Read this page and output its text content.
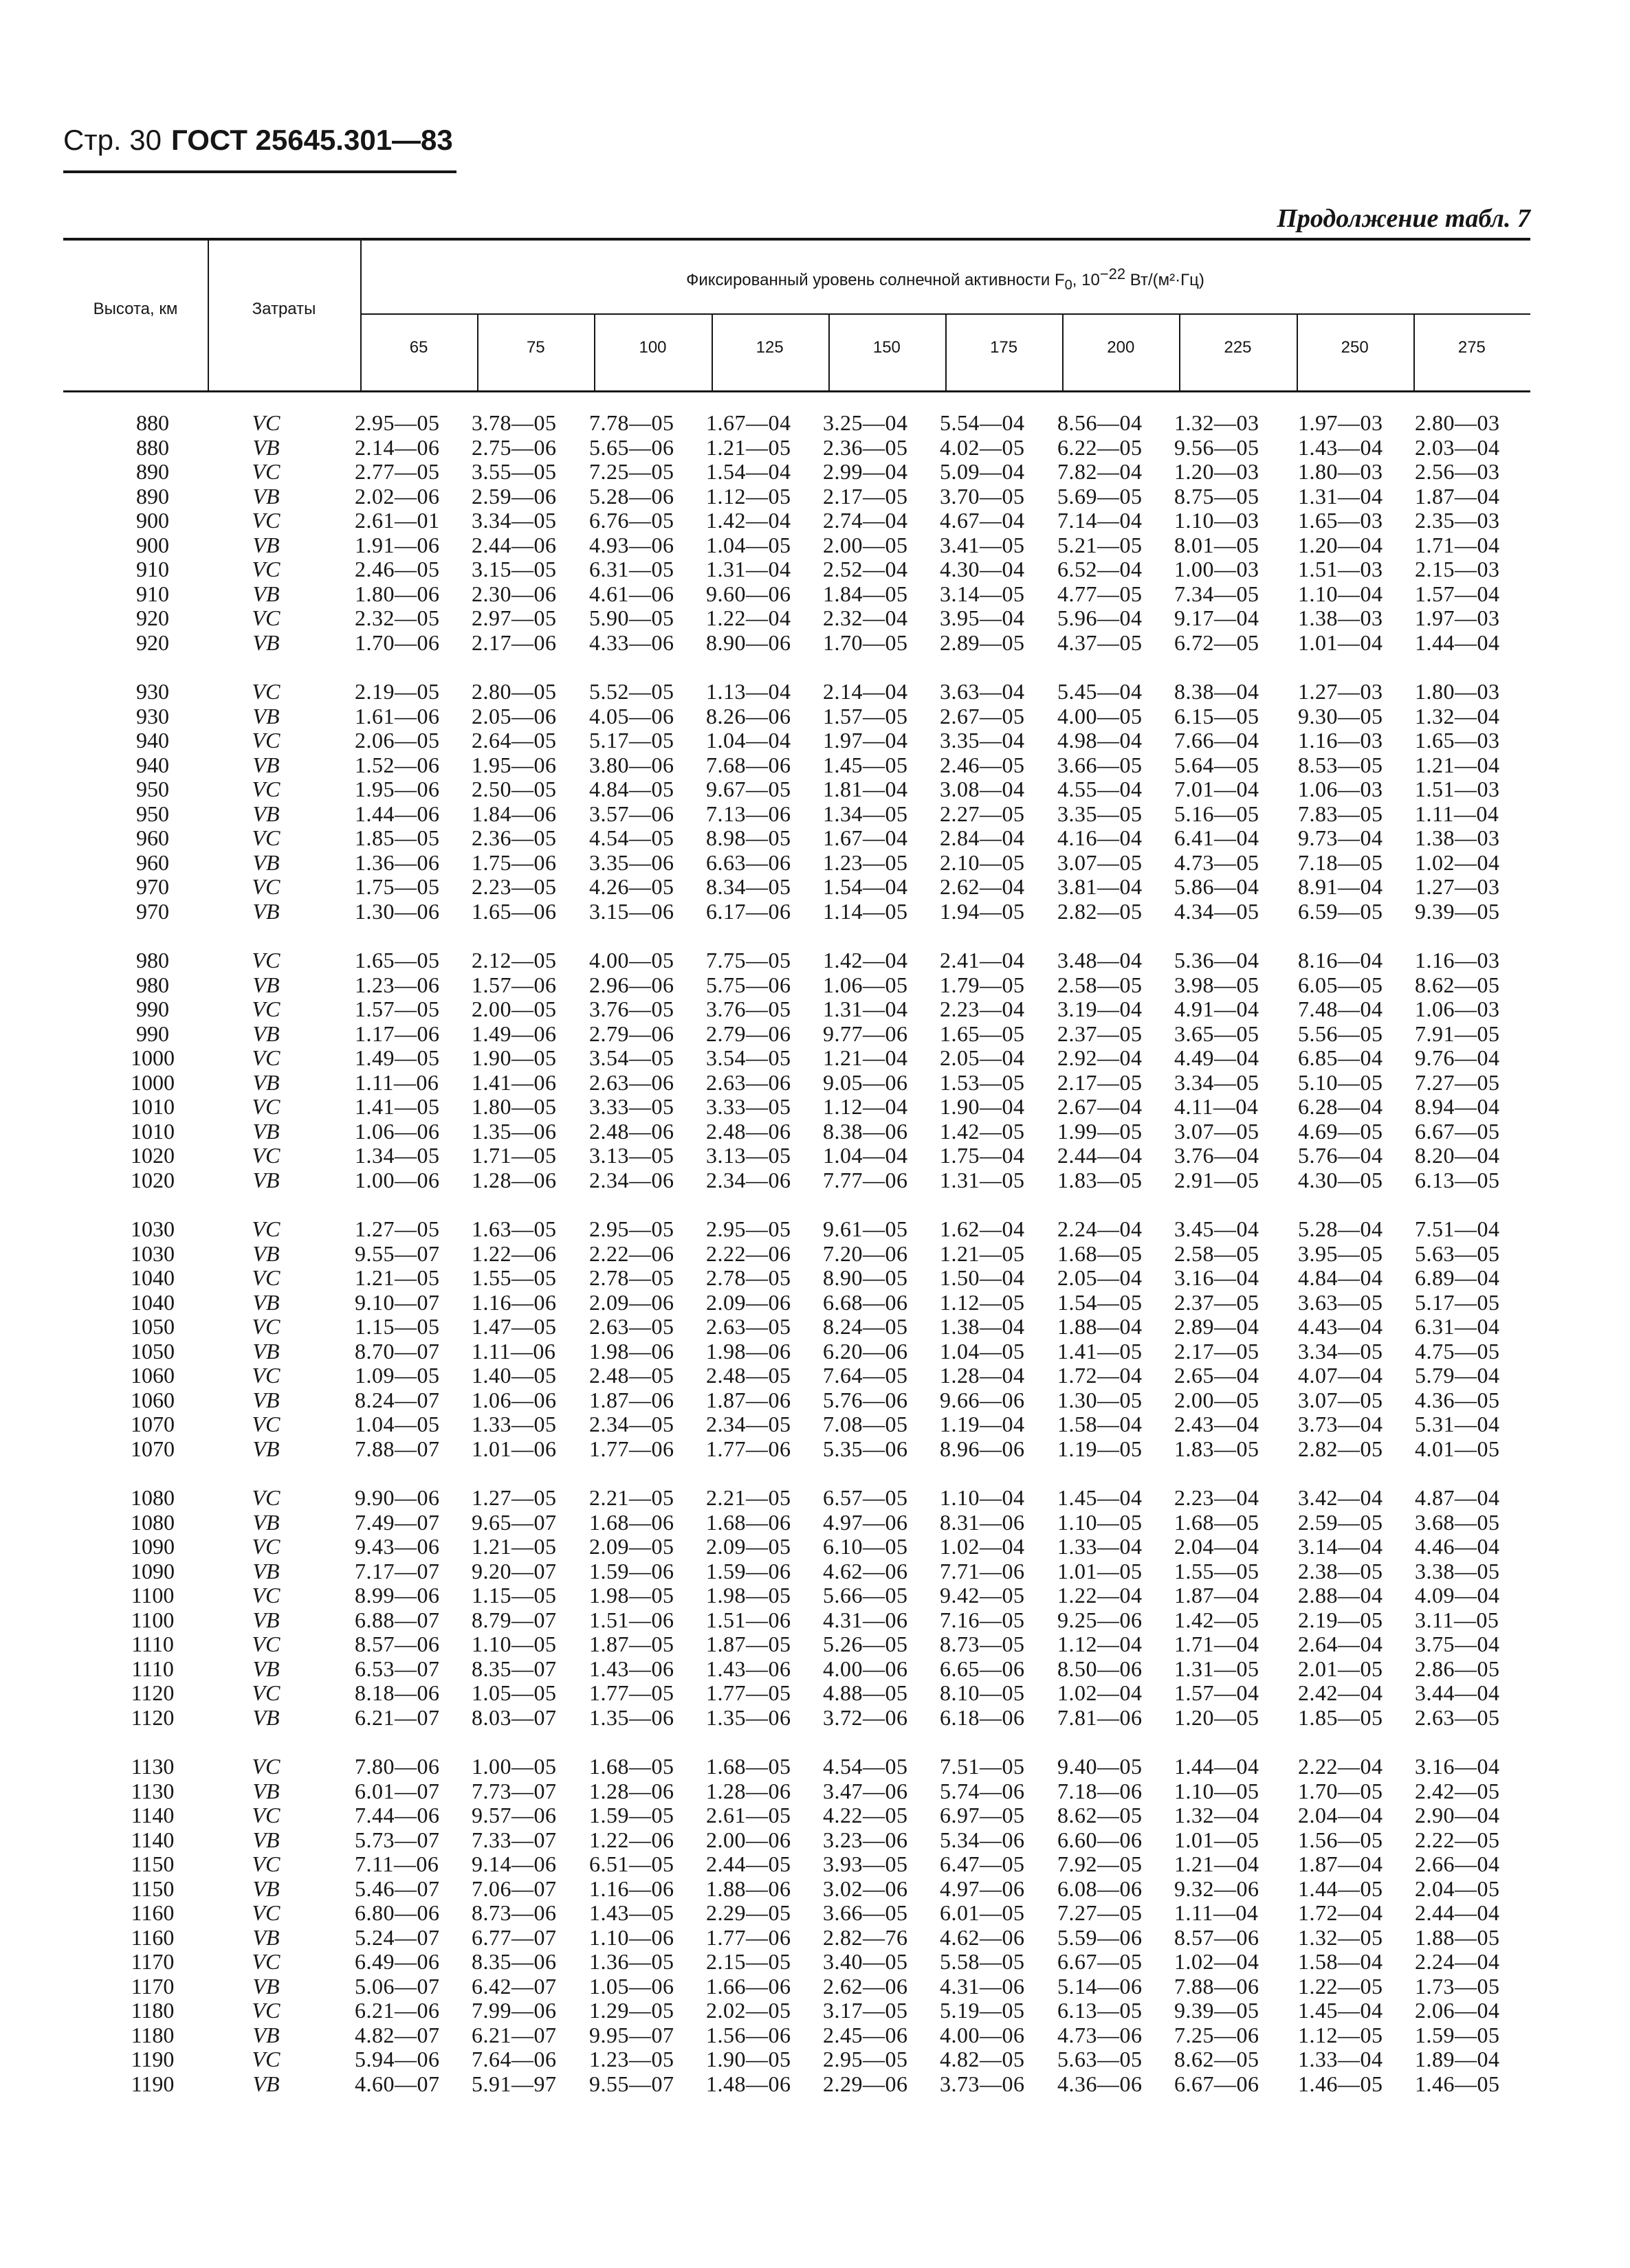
Стр. 30 ГОСТ 25645.301—83
Продолжение табл. 7
Высота, км	Затраты
Фиксированный уровень солнечной активности $F_0$, $10^{-22}$ Вт/(м²·Гц)
65	75	100	125	150	175	200	225	250	275
880	VC	2.95—05	3.78—05	7.78—05	1.67—04	3.25—04	5.54—04	8.56—04	1.32—03	1.97—03	2.80—03
880	VB	2.14—06	2.75—06	5.65—06	1.21—05	2.36—05	4.02—05	6.22—05	9.56—05	1.43—04	2.03—04
890	VC	2.77—05	3.55—05	7.25—05	1.54—04	2.99—04	5.09—04	7.82—04	1.20—03	1.80—03	2.56—03
890	VB	2.02—06	2.59—06	5.28—06	1.12—05	2.17—05	3.70—05	5.69—05	8.75—05	1.31—04	1.87—04
900	VC	2.61—01	3.34—05	6.76—05	1.42—04	2.74—04	4.67—04	7.14—04	1.10—03	1.65—03	2.35—03
900	VB	1.91—06	2.44—06	4.93—06	1.04—05	2.00—05	3.41—05	5.21—05	8.01—05	1.20—04	1.71—04
910	VC	2.46—05	3.15—05	6.31—05	1.31—04	2.52—04	4.30—04	6.52—04	1.00—03	1.51—03	2.15—03
910	VB	1.80—06	2.30—06	4.61—06	9.60—06	1.84—05	3.14—05	4.77—05	7.34—05	1.10—04	1.57—04
920	VC	2.32—05	2.97—05	5.90—05	1.22—04	2.32—04	3.95—04	5.96—04	9.17—04	1.38—03	1.97—03
920	VB	1.70—06	2.17—06	4.33—06	8.90—06	1.70—05	2.89—05	4.37—05	6.72—05	1.01—04	1.44—04
930	VC	2.19—05	2.80—05	5.52—05	1.13—04	2.14—04	3.63—04	5.45—04	8.38—04	1.27—03	1.80—03
930	VB	1.61—06	2.05—06	4.05—06	8.26—06	1.57—05	2.67—05	4.00—05	6.15—05	9.30—05	1.32—04
940	VC	2.06—05	2.64—05	5.17—05	1.04—04	1.97—04	3.35—04	4.98—04	7.66—04	1.16—03	1.65—03
940	VB	1.52—06	1.95—06	3.80—06	7.68—06	1.45—05	2.46—05	3.66—05	5.64—05	8.53—05	1.21—04
950	VC	1.95—06	2.50—05	4.84—05	9.67—05	1.81—04	3.08—04	4.55—04	7.01—04	1.06—03	1.51—03
950	VB	1.44—06	1.84—06	3.57—06	7.13—06	1.34—05	2.27—05	3.35—05	5.16—05	7.83—05	1.11—04
960	VC	1.85—05	2.36—05	4.54—05	8.98—05	1.67—04	2.84—04	4.16—04	6.41—04	9.73—04	1.38—03
960	VB	1.36—06	1.75—06	3.35—06	6.63—06	1.23—05	2.10—05	3.07—05	4.73—05	7.18—05	1.02—04
970	VC	1.75—05	2.23—05	4.26—05	8.34—05	1.54—04	2.62—04	3.81—04	5.86—04	8.91—04	1.27—03
970	VB	1.30—06	1.65—06	3.15—06	6.17—06	1.14—05	1.94—05	2.82—05	4.34—05	6.59—05	9.39—05
980	VC	1.65—05	2.12—05	4.00—05	7.75—05	1.42—04	2.41—04	3.48—04	5.36—04	8.16—04	1.16—03
980	VB	1.23—06	1.57—06	2.96—06	5.75—06	1.06—05	1.79—05	2.58—05	3.98—05	6.05—05	8.62—05
990	VC	1.57—05	2.00—05	3.76—05	3.76—05	1.31—04	2.23—04	3.19—04	4.91—04	7.48—04	1.06—03
990	VB	1.17—06	1.49—06	2.79—06	2.79—06	9.77—06	1.65—05	2.37—05	3.65—05	5.56—05	7.91—05
1000	VC	1.49—05	1.90—05	3.54—05	3.54—05	1.21—04	2.05—04	2.92—04	4.49—04	6.85—04	9.76—04
1000	VB	1.11—06	1.41—06	2.63—06	2.63—06	9.05—06	1.53—05	2.17—05	3.34—05	5.10—05	7.27—05
1010	VC	1.41—05	1.80—05	3.33—05	3.33—05	1.12—04	1.90—04	2.67—04	4.11—04	6.28—04	8.94—04
1010	VB	1.06—06	1.35—06	2.48—06	2.48—06	8.38—06	1.42—05	1.99—05	3.07—05	4.69—05	6.67—05
1020	VC	1.34—05	1.71—05	3.13—05	3.13—05	1.04—04	1.75—04	2.44—04	3.76—04	5.76—04	8.20—04
1020	VB	1.00—06	1.28—06	2.34—06	2.34—06	7.77—06	1.31—05	1.83—05	2.91—05	4.30—05	6.13—05
1030	VC	1.27—05	1.63—05	2.95—05	2.95—05	9.61—05	1.62—04	2.24—04	3.45—04	5.28—04	7.51—04
1030	VB	9.55—07	1.22—06	2.22—06	2.22—06	7.20—06	1.21—05	1.68—05	2.58—05	3.95—05	5.63—05
1040	VC	1.21—05	1.55—05	2.78—05	2.78—05	8.90—05	1.50—04	2.05—04	3.16—04	4.84—04	6.89—04
1040	VB	9.10—07	1.16—06	2.09—06	2.09—06	6.68—06	1.12—05	1.54—05	2.37—05	3.63—05	5.17—05
1050	VC	1.15—05	1.47—05	2.63—05	2.63—05	8.24—05	1.38—04	1.88—04	2.89—04	4.43—04	6.31—04
1050	VB	8.70—07	1.11—06	1.98—06	1.98—06	6.20—06	1.04—05	1.41—05	2.17—05	3.34—05	4.75—05
1060	VC	1.09—05	1.40—05	2.48—05	2.48—05	7.64—05	1.28—04	1.72—04	2.65—04	4.07—04	5.79—04
1060	VB	8.24—07	1.06—06	1.87—06	1.87—06	5.76—06	9.66—06	1.30—05	2.00—05	3.07—05	4.36—05
1070	VC	1.04—05	1.33—05	2.34—05	2.34—05	7.08—05	1.19—04	1.58—04	2.43—04	3.73—04	5.31—04
1070	VB	7.88—07	1.01—06	1.77—06	1.77—06	5.35—06	8.96—06	1.19—05	1.83—05	2.82—05	4.01—05
1080	VC	9.90—06	1.27—05	2.21—05	2.21—05	6.57—05	1.10—04	1.45—04	2.23—04	3.42—04	4.87—04
1080	VB	7.49—07	9.65—07	1.68—06	1.68—06	4.97—06	8.31—06	1.10—05	1.68—05	2.59—05	3.68—05
1090	VC	9.43—06	1.21—05	2.09—05	2.09—05	6.10—05	1.02—04	1.33—04	2.04—04	3.14—04	4.46—04
1090	VB	7.17—07	9.20—07	1.59—06	1.59—06	4.62—06	7.71—06	1.01—05	1.55—05	2.38—05	3.38—05
1100	VC	8.99—06	1.15—05	1.98—05	1.98—05	5.66—05	9.42—05	1.22—04	1.87—04	2.88—04	4.09—04
1100	VB	6.88—07	8.79—07	1.51—06	1.51—06	4.31—06	7.16—05	9.25—06	1.42—05	2.19—05	3.11—05
1110	VC	8.57—06	1.10—05	1.87—05	1.87—05	5.26—05	8.73—05	1.12—04	1.71—04	2.64—04	3.75—04
1110	VB	6.53—07	8.35—07	1.43—06	1.43—06	4.00—06	6.65—06	8.50—06	1.31—05	2.01—05	2.86—05
1120	VC	8.18—06	1.05—05	1.77—05	1.77—05	4.88—05	8.10—05	1.02—04	1.57—04	2.42—04	3.44—04
1120	VB	6.21—07	8.03—07	1.35—06	1.35—06	3.72—06	6.18—06	7.81—06	1.20—05	1.85—05	2.63—05
1130	VC	7.80—06	1.00—05	1.68—05	1.68—05	4.54—05	7.51—05	9.40—05	1.44—04	2.22—04	3.16—04
1130	VB	6.01—07	7.73—07	1.28—06	1.28—06	3.47—06	5.74—06	7.18—06	1.10—05	1.70—05	2.42—05
1140	VC	7.44—06	9.57—06	1.59—05	2.61—05	4.22—05	6.97—05	8.62—05	1.32—04	2.04—04	2.90—04
1140	VB	5.73—07	7.33—07	1.22—06	2.00—06	3.23—06	5.34—06	6.60—06	1.01—05	1.56—05	2.22—05
1150	VC	7.11—06	9.14—06	6.51—05	2.44—05	3.93—05	6.47—05	7.92—05	1.21—04	1.87—04	2.66—04
1150	VB	5.46—07	7.06—07	1.16—06	1.88—06	3.02—06	4.97—06	6.08—06	9.32—06	1.44—05	2.04—05
1160	VC	6.80—06	8.73—06	1.43—05	2.29—05	3.66—05	6.01—05	7.27—05	1.11—04	1.72—04	2.44—04
1160	VB	5.24—07	6.77—07	1.10—06	1.77—06	2.82—76	4.62—06	5.59—06	8.57—06	1.32—05	1.88—05
1170	VC	6.49—06	8.35—06	1.36—05	2.15—05	3.40—05	5.58—05	6.67—05	1.02—04	1.58—04	2.24—04
1170	VB	5.06—07	6.42—07	1.05—06	1.66—06	2.62—06	4.31—06	5.14—06	7.88—06	1.22—05	1.73—05
1180	VC	6.21—06	7.99—06	1.29—05	2.02—05	3.17—05	5.19—05	6.13—05	9.39—05	1.45—04	2.06—04
1180	VB	4.82—07	6.21—07	9.95—07	1.56—06	2.45—06	4.00—06	4.73—06	7.25—06	1.12—05	1.59—05
1190	VC	5.94—06	7.64—06	1.23—05	1.90—05	2.95—05	4.82—05	5.63—05	8.62—05	1.33—04	1.89—04
1190	VB	4.60—07	5.91—97	9.55—07	1.48—06	2.29—06	3.73—06	4.36—06	6.67—06	1.46—05	1.46—05
